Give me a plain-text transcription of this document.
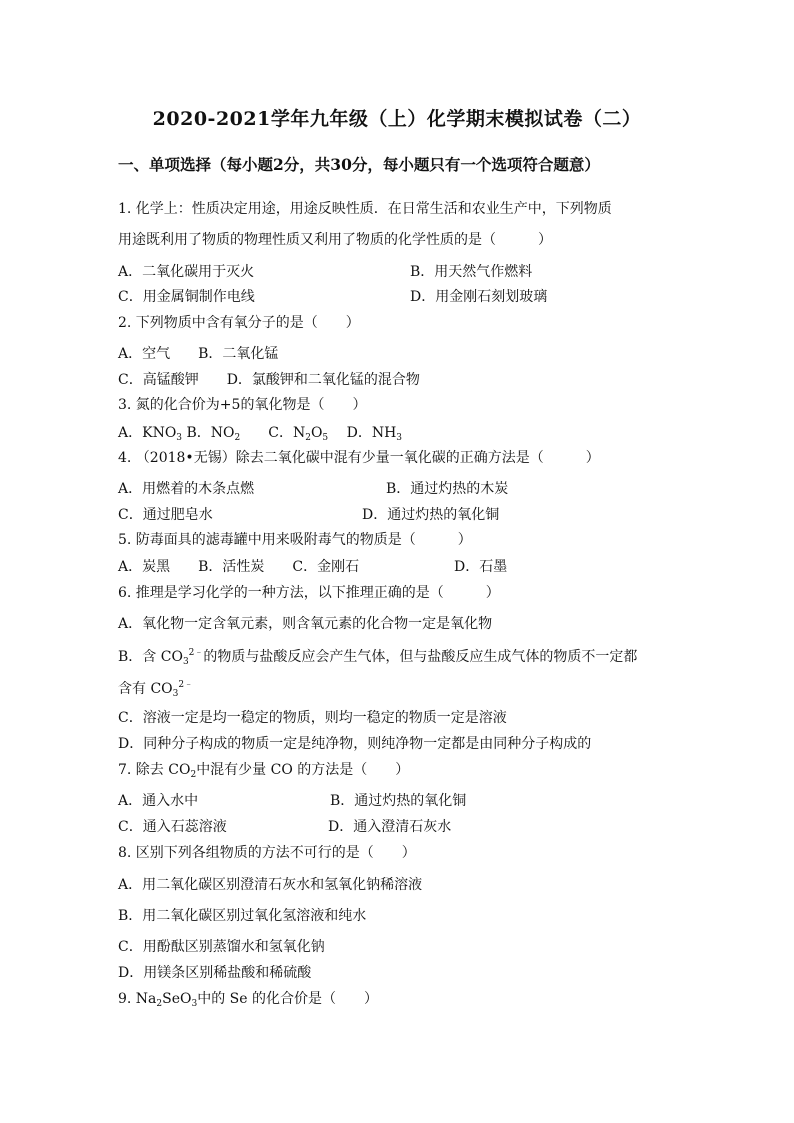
2020-2021学年九年级（上）化学期末模拟试卷（二）
一、单项选择（每小题2分，共30分，每小题只有一个选项符合题意）
1. 化学上：性质决定用途，用途反映性质．在日常生活和农业生产中，下列物质
用途既利用了物质的物理性质又利用了物质的化学性质的是（　　　）
A．二氧化碳用于灭火	B．用天然气作燃料
C．用金属铜制作电线	D．用金刚石刻划玻璃
2. 下列物质中含有氧分子的是（　　）
A．空气　　B．二氧化锰
C．高锰酸钾　　D．氯酸钾和二氧化锰的混合物
3. 氮的化合价为+5的氧化物是（　　）
A．$KNO_3$ B．$NO_2$　　C．$N_2O_5$　 D．$NH_3$
4. （2018•无锡）除去二氧化碳中混有少量一氧化碳的正确方法是（　　　）
A．用燃着的木条点燃	B．通过灼热的木炭
C．通过肥皂水	D．通过灼热的氧化铜
5. 防毒面具的滤毒罐中用来吸附毒气的物质是（　　　）
A．炭黑　　B．活性炭　　C．金刚石	D．石墨
6. 推理是学习化学的一种方法，以下推理正确的是（　　　）
A．氧化物一定含氧元素，则含氧元素的化合物一定是氧化物
B．含 $CO_3^{2﹣}$的物质与盐酸反应会产生气体，但与盐酸反应生成气体的物质不一定都
含有 $CO_3^{2﹣}$
C．溶液一定是均一稳定的物质，则均一稳定的物质一定是溶液
D．同种分子构成的物质一定是纯净物，则纯净物一定都是由同种分子构成的
7. 除去 $CO_2$中混有少量 CO 的方法是（　　）
A．通入水中	B．通过灼热的氧化铜
C．通入石蕊溶液	D．通入澄清石灰水
8. 区别下列各组物质的方法不可行的是（　　）
A．用二氧化碳区别澄清石灰水和氢氧化钠稀溶液
B．用二氧化碳区别过氧化氢溶液和纯水
C．用酚酞区别蒸馏水和氢氧化钠
D．用镁条区别稀盐酸和稀硫酸
9. $Na_2SeO_3$中的 Se 的化合价是（　　）
